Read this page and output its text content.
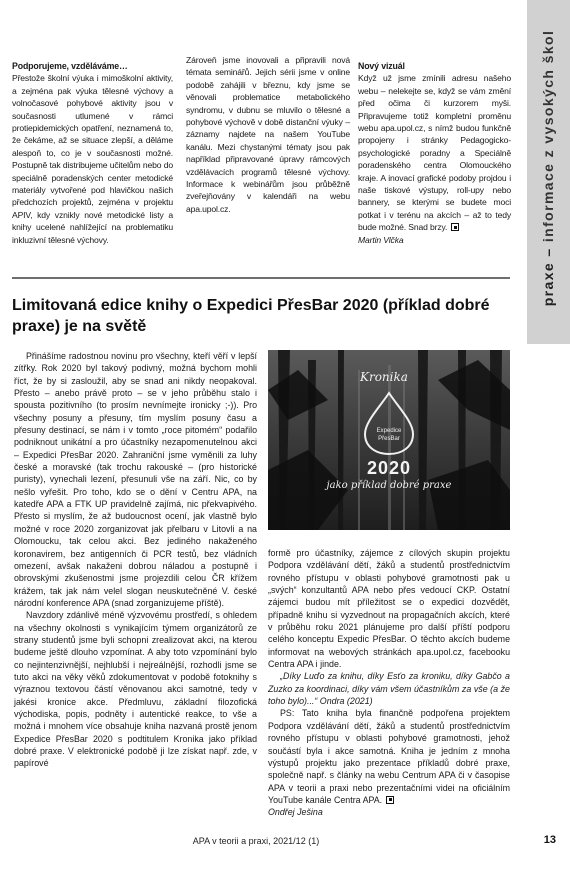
praxe – informace z vysokých škol

Podporujeme, vzděláváme…

Přestože školní výuka i mimoškolní aktivity, a zejména pak výuka tělesné výchovy a volnočasové pohybové aktivity jsou v současnosti utlumené v rámci protiepidemických opatření, neznamená to, že čekáme, až se situace zlepší, a děláme alespoň to, co je v současnosti možné. Postupně tak distribujeme učitelům nebo do speciálně poradenských center metodické materiály vytvořené pod hlavičkou našich předchozích projektů, zejména v projektu APIV, kdy vznikly nové metodické listy a knihy ucelené nahlížející na problematiku inkluzivní tělesné výchovy.

Zároveň jsme inovovali a připravili nová témata seminářů. Jejich sérii jsme v online podobě zahájili v březnu, kdy jsme se věnovali problematice metabolického syndromu, v dubnu se mluvilo o tělesné a pohybové výchově v době distanční výuky – záznamy najdete na našem YouTube kanálu. Mezi chystanými tématy jsou pak například připravované úpravy rámcových vzdělávacích programů tělesné výchovy. Informace k webinářům jsou průběžně zveřejňovány v kalendáři na webu apa.upol.cz.

Nový vizuál

Když už jsme zmínili adresu našeho webu – nelekejte se, když se vám změní před očima či kurzorem myši. Připravujeme totiž kompletní proměnu webu apa.upol.cz, s nímž budou funkčně propojeny i stránky Pedagogicko-psychologické poradny a Speciálně poradenského centra Olomouckého kraje. A inovací grafické podoby projdou i naše tiskové výstupy, roll-upy nebo bannery, se kterými se budete moci potkat i v terénu na akcích – až to tedy bude možné. Snad brzy.

Martin Vlčka

Limitovaná edice knihy o Expedici PřesBar 2020 (příklad dobré praxe) je na světě

Přinášíme radostnou novinu pro všechny, kteří věří v lepší zítřky. Rok 2020 byl takový podivný, možná bychom mohli říct, že by si zasloužil, aby se snad ani nikdy neopakoval. Přesto – anebo právě proto – se v jeho průběhu stalo i spousta pozitivního (to prosím nevnímejte ironicky ;-)). Pro všechny posuny a přesuny, tím myslím posuny času a přesuny destinací, se nám i v tomto „roce pitomém“ podařilo podniknout unikátní a pro účastníky nezapomenutelnou akci – Expedici PřesBar 2020. Zahraniční jsme vyměnili za luhy české a moravské (tak trochu rakouské – (pro historické puristy), vynechali lezení, přesunuli vše na září. Nic, co by nešlo vyřešit. Pro toho, kdo se o dění v Centru APA, na katedře APA a FTK UP pravidelně zajímá, nic překvapivého. Přesto si myslím, že až budoucnost ocení, jak vlastně bylo možné v roce 2020 zorganizovat jak přelbaru v Litovli a na Olomoucku, tak celou akci. Bez jediného nakaženého koronavirem, bez antigenních či PCR testů, bez vládních omezení, avšak nakaženi dobrou náladou a postupně i obrovskými zkušenostmi jsme projezdili celou ČR křížem krážem, tak jak nám velel slogan neuskutečněné V. české národní konference APA (snad zorganizujeme příště).

Navzdory zdánlivě méně výzvovému prostředí, s ohledem na všechny okolnosti s vynikajícím týmem organizátorů ze strany studentů jsme byli schopni zrealizovat akci, na kterou budeme ještě dlouho vzpomínat. A aby toto vzpomínání bylo co nejintenzivnější, nejhlubší i nejreálnější, rozhodli jsme se tuto akci na věky věků zdokumentovat v podobě fotoknihy s výraznou textovou částí věnovanou akci samotné, tedy v jakési kronice akce. Předmluvu, základní filozofická východiska, popis, podněty i autentické reakce, to vše a možná i mnohem více obsahuje kniha nazvaná prostě jenom Expedice PřesBar 2020 s podtitulem Kronika jako příklad dobré praxe. V elektronické podobě ji lze získat např. zde, v papírové

Kronika
Expedice
PřesBar
2020
jako příklad dobré praxe

formě pro účastníky, zájemce z cílových skupin projektu Podpora vzdělávání dětí, žáků a studentů prostřednictvím rovného přístupu v oblasti pohybové gramotnosti pak u „svých“ konzultantů APA nebo přes vedoucí CKP. Ostatní zájemci budou mít příležitost se o expedici dozvědět, případně knihu si vyzvednout na propagačních akcích, které v průběhu roku 2021 plánujeme pro další příští podporu celého konceptu Expedic PřesBar. O těchto akcích budeme informovat na webových stránkách apa.upol.cz, facebooku Centra APA i jinde.

„Díky Luďo za knihu, díky Esťo za kroniku, díky Gabčo a Zuzko za koordinaci, díky vám všem účastníkům za vše (a že toho bylo)...“ Ondra (2021)

PS: Tato kniha byla finančně podpořena projektem Podpora vzdělávání dětí, žáků a studentů prostřednictvím rovného přístupu v oblasti pohybové gramotnosti, jehož součástí byla i akce samotná. Kniha je jedním z mnoha výstupů projektu jako prezentace příkladů dobré praxe, společně např. s články na webu Centrum APA či v časopise APA v teorii a praxi nebo prezentačními videi na oficiálním YouTube kanále Centra APA.

Ondřej Ješina

APA v teorii a praxi, 2021/12 (1)	13
